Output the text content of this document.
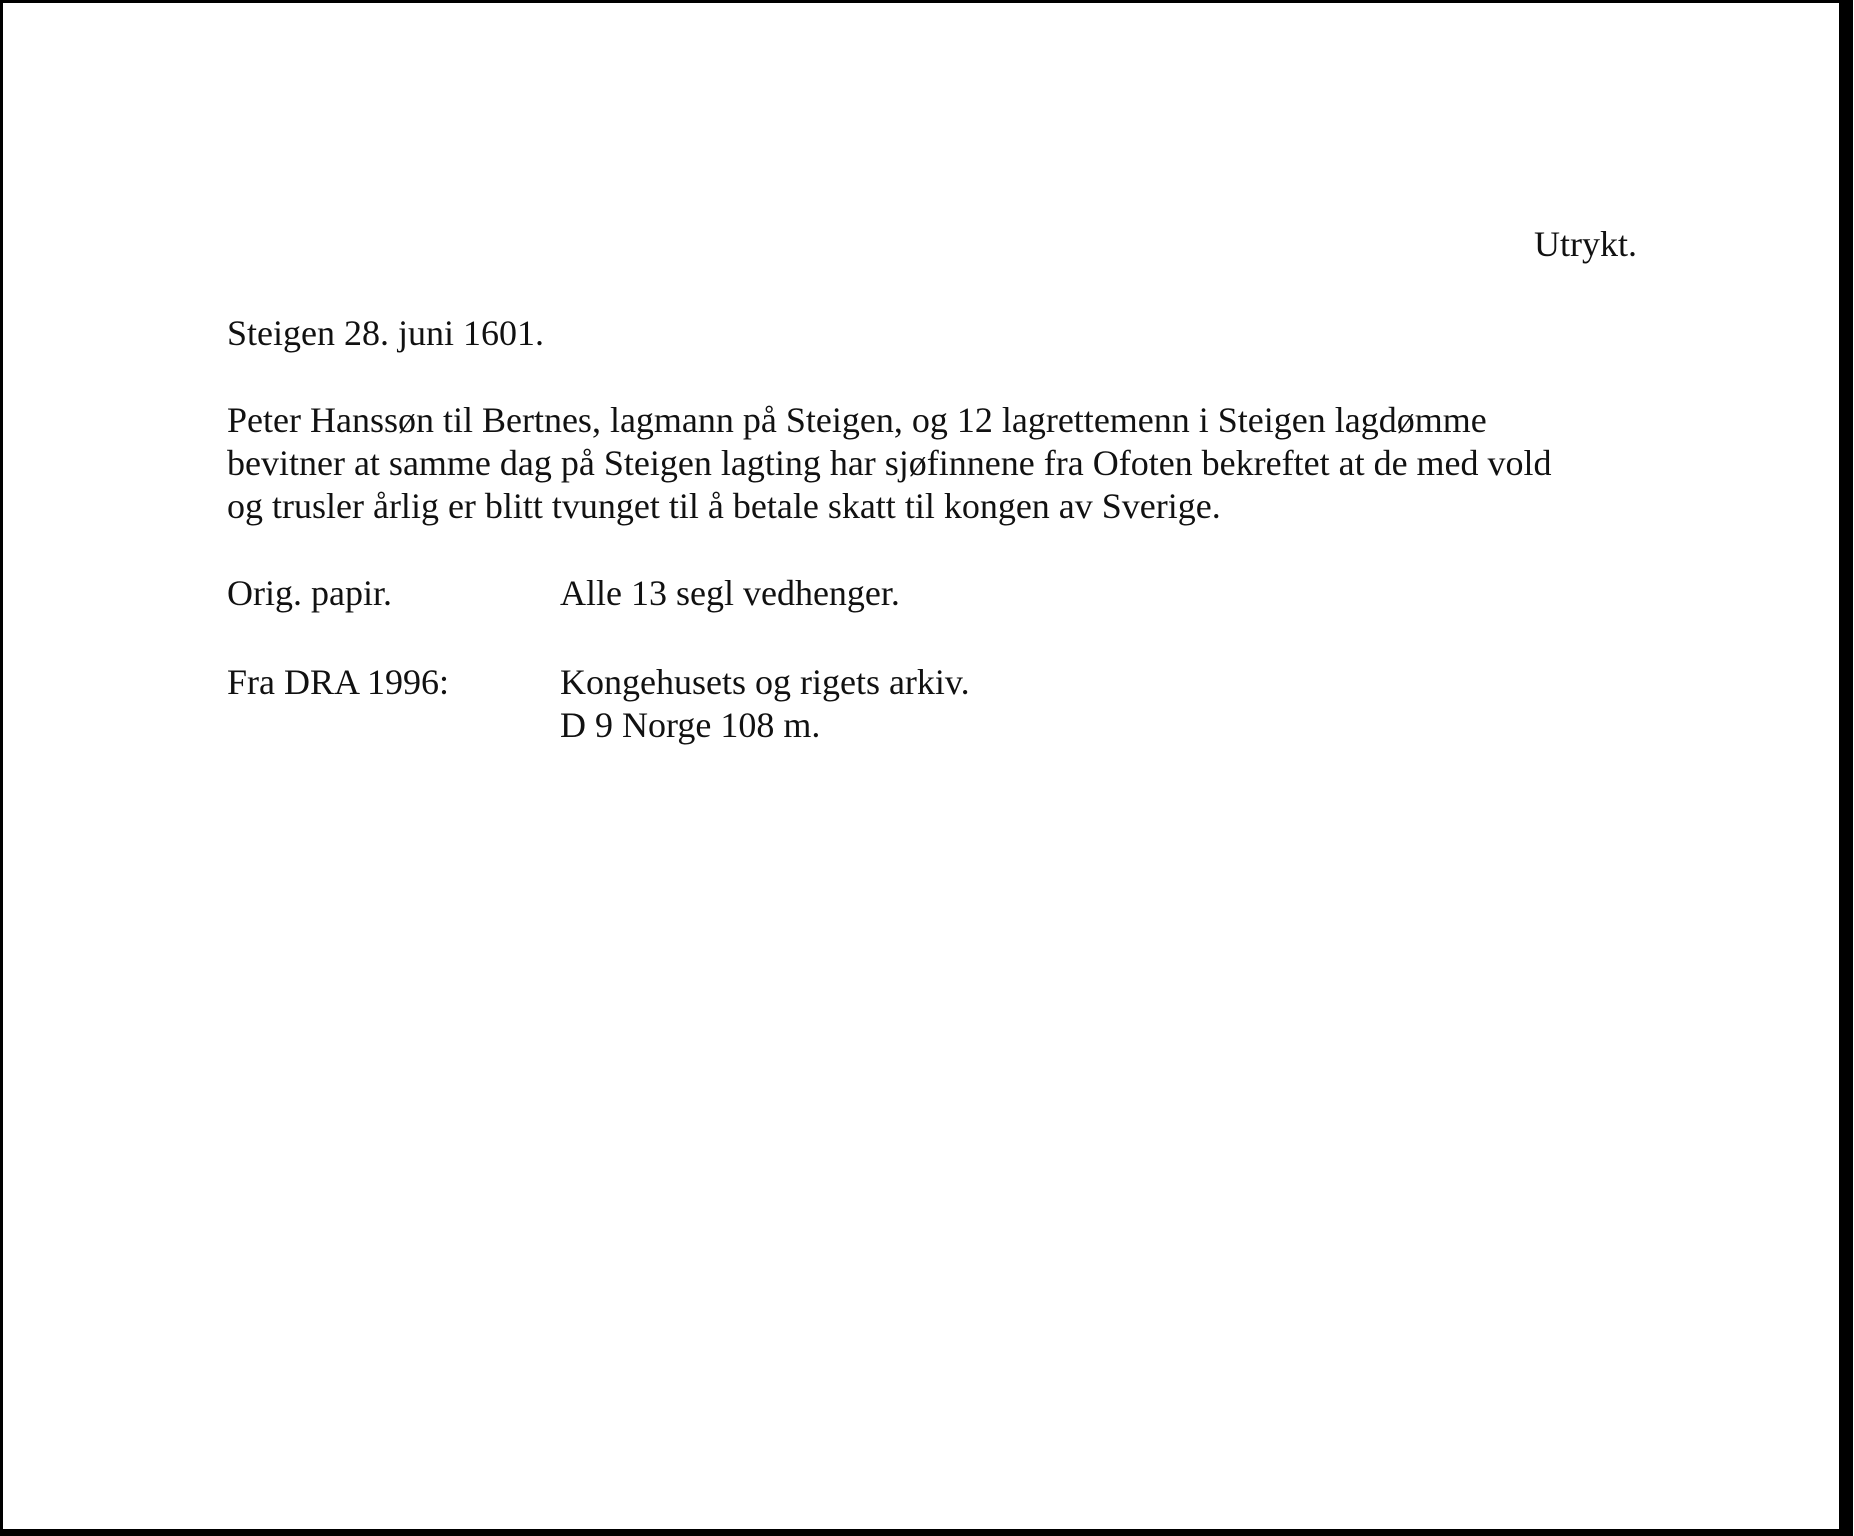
Utrykt.
Steigen 28. juni 1601.
Peter Hanssøn til Bertnes, lagmann på Steigen, og 12 lagrettemenn i Steigen lagdømme
bevitner at samme dag på Steigen lagting har sjøfinnene fra Ofoten bekreftet at de med vold
og trusler årlig er blitt tvunget til å betale skatt til kongen av Sverige.
Orig. papir.	Alle 13 segl vedhenger.
Fra DRA 1996:	Kongehusets og rigets arkiv.
D 9 Norge 108 m.
